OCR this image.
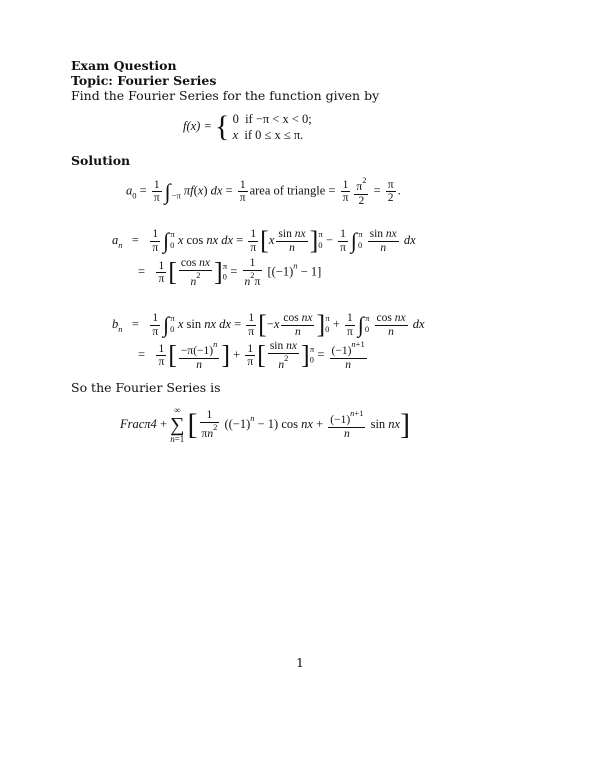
Exam Question
Topic: Fourier Series
Find the Fourier Series for the function given by
f(x) = { 0 if −π < x < 0;
x if 0 ≤ x ≤ π.
Solution
$a_0 = \frac{1}{\pi} \int_{-\pi}$ πf(x) dx = $\frac{1}{\pi}$ area of triangle = $\frac{1}{\pi} \frac{\pi^2}{2} = \frac{\pi}{2}$ .
$a_n = \frac{1}{\pi} \int_0^\pi$ x cos nx dx = $\frac{1}{\pi} [x \frac{\text{sin nx}}{n} ]_0^\pi - \frac{1}{\pi} \int_0^\pi \frac{\text{sin nx}}{n}$ dx
= $\frac{1}{\pi}$ [ $\frac{\text{cos nx}}{n^2} ]_0^\pi = \frac{1}{n^2\pi} [(-1)^n - 1]$
$b_n = \frac{1}{\pi} \int_0^\pi$ x sin nx dx = $\frac{1}{\pi} [-x \frac{\text{cos nx}}{n} ]_0^\pi + \frac{1}{\pi} \int_0^\pi \frac{\text{cos nx}}{n}$ dx
= $\frac{1}{\pi}$ [ $\frac{-\pi(-1)^n}{n}$ ] + $\frac{1}{\pi}$ [ $\frac{\text{sin nx}}{n^2} ]_0^\pi = \frac{(-1)^{n+1}}{n}$
So the Fourier Series is
Fracπ4 +
∞
∑
n=1 [ $\frac{1}{\pi n^2} ((-1)^n - 1)$ cos nx + $\frac{(-1)^{n+1}}{n}$ sin nx]
1
